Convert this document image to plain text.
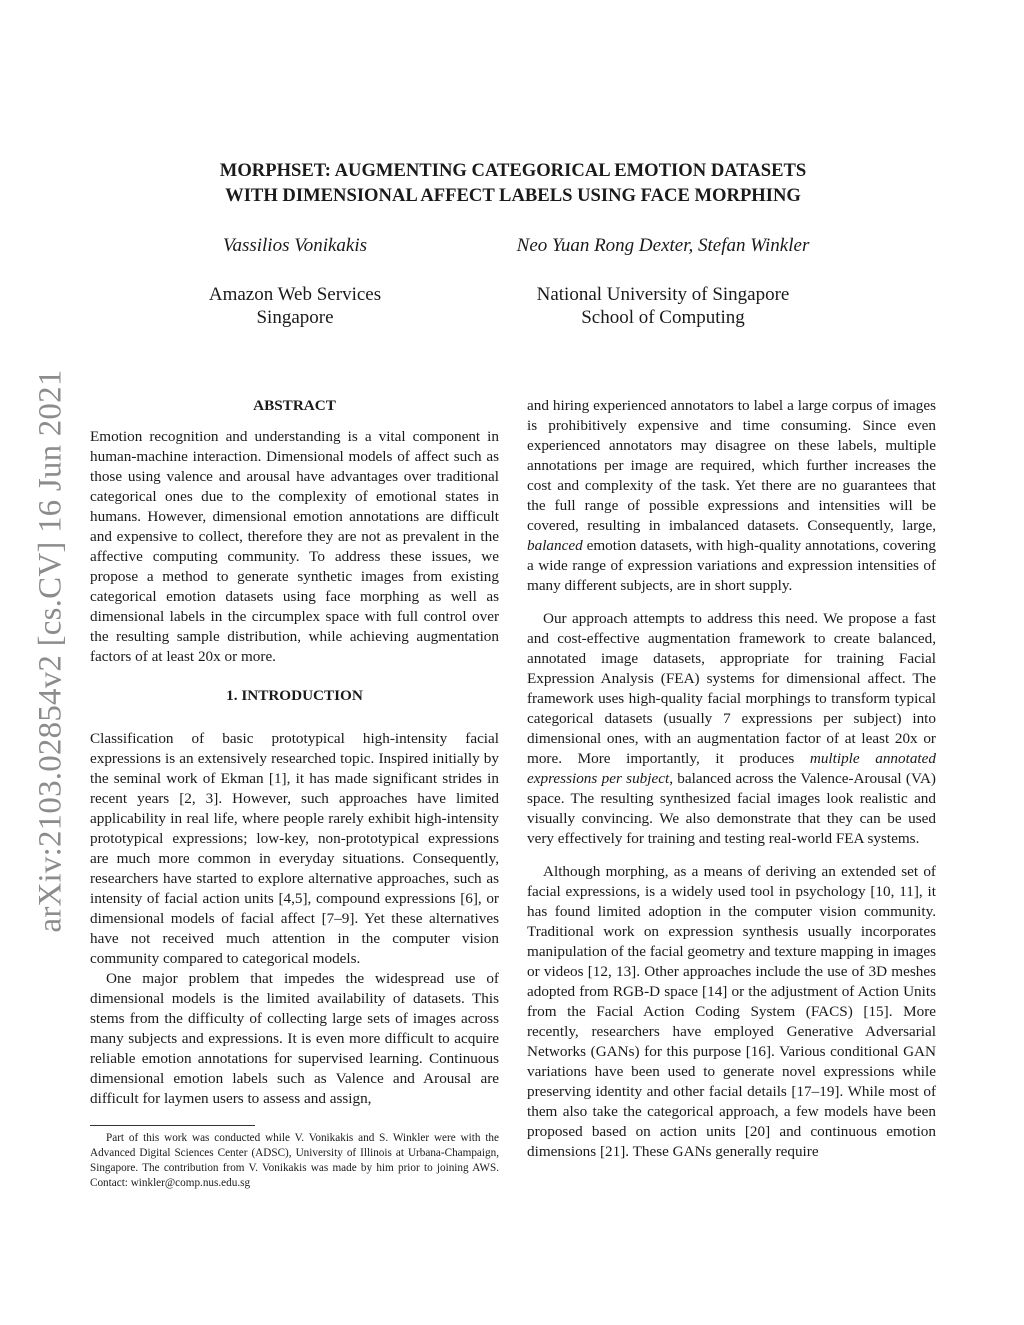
arXiv:2103.02854v2 [cs.CV] 16 Jun 2021
MORPHSET: AUGMENTING CATEGORICAL EMOTION DATASETS
WITH DIMENSIONAL AFFECT LABELS USING FACE MORPHING
Vassilios Vonikakis
Amazon Web Services
Singapore
Neo Yuan Rong Dexter, Stefan Winkler
National University of Singapore
School of Computing
ABSTRACT

Emotion recognition and understanding is a vital component in human-machine interaction. Dimensional models of affect such as those using valence and arousal have advantages over traditional categorical ones due to the complexity of emotional states in humans. However, dimensional emotion annotations are difficult and expensive to collect, therefore they are not as prevalent in the affective computing community. To address these issues, we propose a method to generate synthetic images from existing categorical emotion datasets using face morphing as well as dimensional labels in the circumplex space with full control over the resulting sample distribution, while achieving augmentation factors of at least 20x or more.

1. INTRODUCTION

Classification of basic prototypical high-intensity facial expressions is an extensively researched topic. Inspired initially by the seminal work of Ekman [1], it has made significant strides in recent years [2, 3]. However, such approaches have limited applicability in real life, where people rarely exhibit high-intensity prototypical expressions; low-key, non-prototypical expressions are much more common in everyday situations. Consequently, researchers have started to explore alternative approaches, such as intensity of facial action units [4,5], compound expressions [6], or dimensional models of facial affect [7–9]. Yet these alternatives have not received much attention in the computer vision community compared to categorical models.

One major problem that impedes the widespread use of dimensional models is the limited availability of datasets. This stems from the difficulty of collecting large sets of images across many subjects and expressions. It is even more difficult to acquire reliable emotion annotations for supervised learning. Continuous dimensional emotion labels such as Valence and Arousal are difficult for laymen users to assess and assign,

Part of this work was conducted while V. Vonikakis and S. Winkler were with the Advanced Digital Sciences Center (ADSC), University of Illinois at Urbana-Champaign, Singapore. The contribution from V. Vonikakis was made by him prior to joining AWS. Contact: winkler@comp.nus.edu.sg

and hiring experienced annotators to label a large corpus of images is prohibitively expensive and time consuming. Since even experienced annotators may disagree on these labels, multiple annotations per image are required, which further increases the cost and complexity of the task. Yet there are no guarantees that the full range of possible expressions and intensities will be covered, resulting in imbalanced datasets. Consequently, large, balanced emotion datasets, with high-quality annotations, covering a wide range of expression variations and expression intensities of many different subjects, are in short supply.

Our approach attempts to address this need. We propose a fast and cost-effective augmentation framework to create balanced, annotated image datasets, appropriate for training Facial Expression Analysis (FEA) systems for dimensional affect. The framework uses high-quality facial morphings to transform typical categorical datasets (usually 7 expressions per subject) into dimensional ones, with an augmentation factor of at least 20x or more. More importantly, it produces multiple annotated expressions per subject, balanced across the Valence-Arousal (VA) space. The resulting synthesized facial images look realistic and visually convincing. We also demonstrate that they can be used very effectively for training and testing real-world FEA systems.

Although morphing, as a means of deriving an extended set of facial expressions, is a widely used tool in psychology [10, 11], it has found limited adoption in the computer vision community. Traditional work on expression synthesis usually incorporates manipulation of the facial geometry and texture mapping in images or videos [12, 13]. Other approaches include the use of 3D meshes adopted from RGB-D space [14] or the adjustment of Action Units from the Facial Action Coding System (FACS) [15]. More recently, researchers have employed Generative Adversarial Networks (GANs) for this purpose [16]. Various conditional GAN variations have been used to generate novel expressions while preserving identity and other facial details [17–19]. While most of them also take the categorical approach, a few models have been proposed based on action units [20] and continuous emotion dimensions [21]. These GANs generally require
